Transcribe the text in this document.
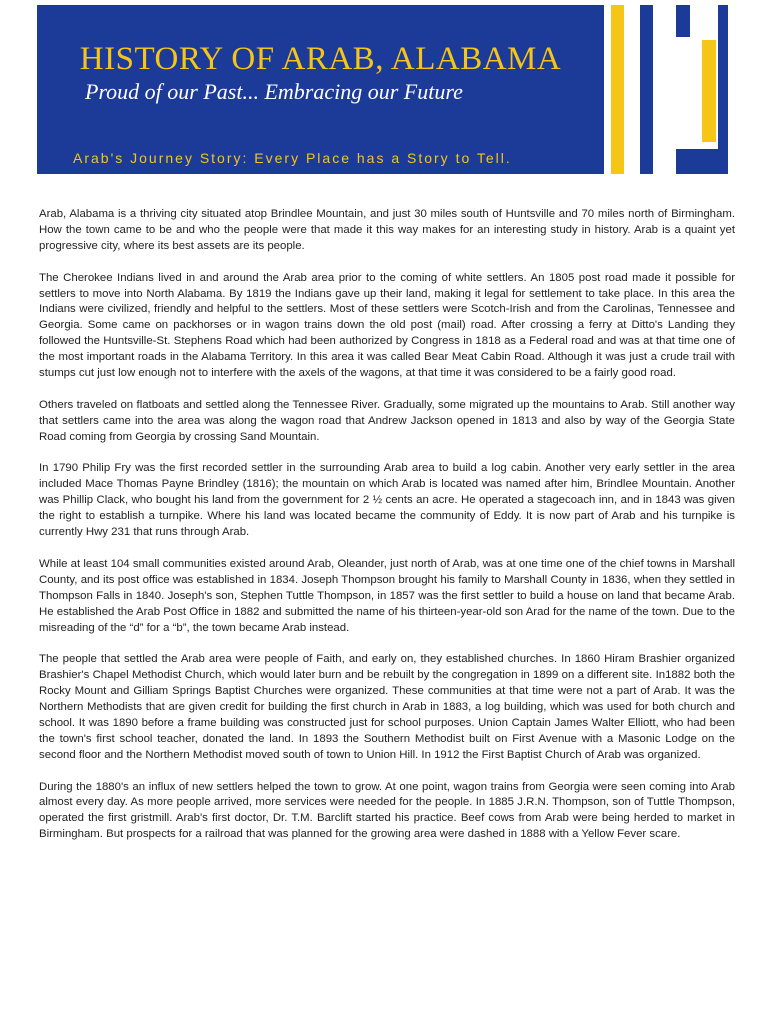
HISTORY OF ARAB, ALABAMA
Proud of our Past... Embracing our Future
Arab's Journey Story: Every Place has a Story to Tell.

Arab, Alabama is a thriving city situated atop Brindlee Mountain, and just 30 miles south of Huntsville and 70 miles north of Birmingham. How the town came to be and who the people were that made it this way makes for an interesting study in history. Arab is a quaint yet progressive city, where its best assets are its people.

The Cherokee Indians lived in and around the Arab area prior to the coming of white settlers. An 1805 post road made it possible for settlers to move into North Alabama. By 1819 the Indians gave up their land, making it legal for settlement to take place. In this area the Indians were civilized, friendly and helpful to the settlers. Most of these settlers were Scotch-Irish and from the Carolinas, Tennessee and Georgia. Some came on packhorses or in wagon trains down the old post (mail) road. After crossing a ferry at Ditto's Landing they followed the Huntsville-St. Stephens Road which had been authorized by Congress in 1818 as a Federal road and was at that time one of the most important roads in the Alabama Territory. In this area it was called Bear Meat Cabin Road. Although it was just a crude trail with stumps cut just low enough not to interfere with the axels of the wagons, at that time it was considered to be a fairly good road.

Others traveled on flatboats and settled along the Tennessee River. Gradually, some migrated up the mountains to Arab. Still another way that settlers came into the area was along the wagon road that Andrew Jackson opened in 1813 and also by way of the Georgia State Road coming from Georgia by crossing Sand Mountain.

In 1790 Philip Fry was the first recorded settler in the surrounding Arab area to build a log cabin. Another very early settler in the area included Mace Thomas Payne Brindley (1816); the mountain on which Arab is located was named after him, Brindlee Mountain. Another was Phillip Clack, who bought his land from the government for 2 ½ cents an acre. He operated a stagecoach inn, and in 1843 was given the right to establish a turnpike. Where his land was located became the community of Eddy. It is now part of Arab and his turnpike is currently Hwy 231 that runs through Arab.

While at least 104 small communities existed around Arab, Oleander, just north of Arab, was at one time one of the chief towns in Marshall County, and its post office was established in 1834. Joseph Thompson brought his family to Marshall County in 1836, when they settled in Thompson Falls in 1840. Joseph's son, Stephen Tuttle Thompson, in 1857 was the first settler to build a house on land that became Arab. He established the Arab Post Office in 1882 and submitted the name of his thirteen-year-old son Arad for the name of the town. Due to the misreading of the “d” for a “b”, the town became Arab instead.

The people that settled the Arab area were people of Faith, and early on, they established churches. In 1860 Hiram Brashier organized Brashier's Chapel Methodist Church, which would later burn and be rebuilt by the congregation in 1899 on a different site. In1882 both the Rocky Mount and Gilliam Springs Baptist Churches were organized. These communities at that time were not a part of Arab. It was the Northern Methodists that are given credit for building the first church in Arab in 1883, a log building, which was used for both church and school. It was 1890 before a frame building was constructed just for school purposes. Union Captain James Walter Elliott, who had been the town's first school teacher, donated the land. In 1893 the Southern Methodist built on First Avenue with a Masonic Lodge on the second floor and the Northern Methodist moved south of town to Union Hill. In 1912 the First Baptist Church of Arab was organized.

During the 1880's an influx of new settlers helped the town to grow. At one point, wagon trains from Georgia were seen coming into Arab almost every day. As more people arrived, more services were needed for the people. In 1885 J.R.N. Thompson, son of Tuttle Thompson, operated the first gristmill. Arab's first doctor, Dr. T.M. Barclift started his practice. Beef cows from Arab were being herded to market in Birmingham. But prospects for a railroad that was planned for the growing area were dashed in 1888 with a Yellow Fever scare.
